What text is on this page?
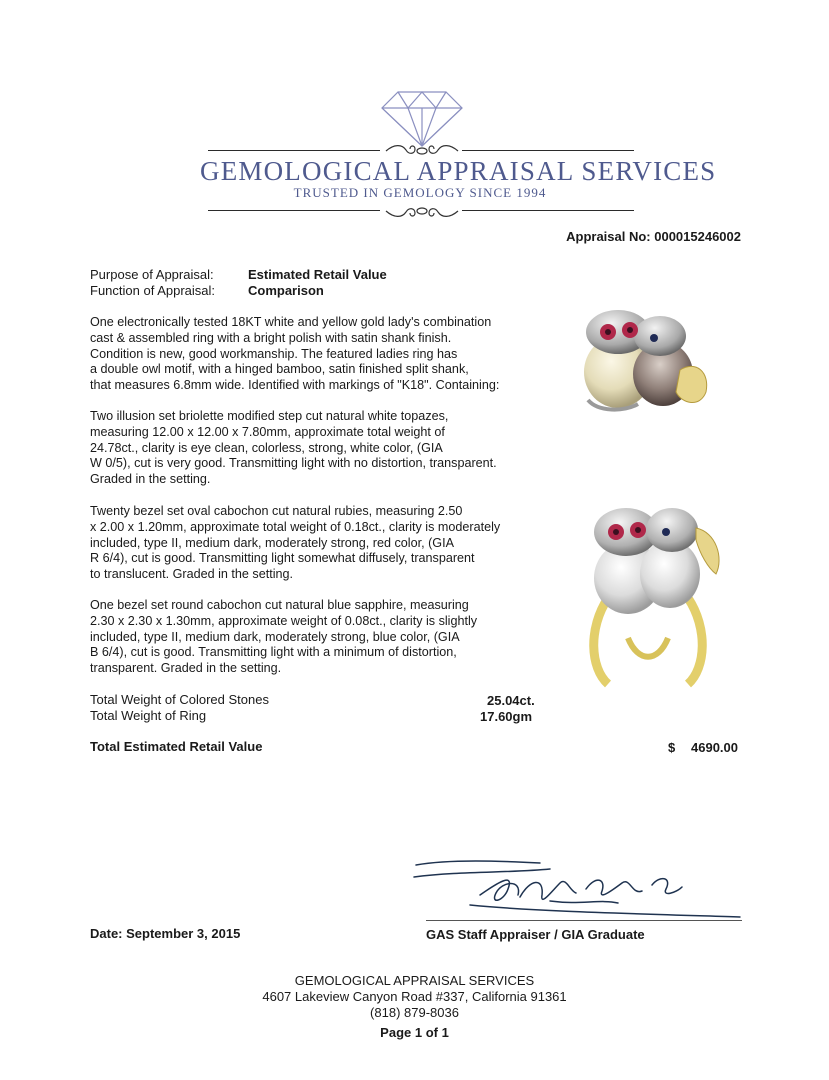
GEMOLOGICAL APPRAISAL SERVICES
TRUSTED IN GEMOLOGY SINCE 1994
Appraisal No: 000015246002
Purpose of Appraisal:	Estimated Retail Value
Function of Appraisal:	Comparison
One electronically tested 18KT white and yellow gold lady's combination
cast & assembled ring with a bright polish with satin shank finish.
Condition is new, good workmanship. The featured ladies ring has
a double owl motif, with a hinged bamboo, satin finished split shank,
that measures 6.8mm wide. Identified with markings of "K18". Containing:
Two illusion set briolette modified step cut natural white topazes,
measuring 12.00 x 12.00 x 7.80mm, approximate total weight of
24.78ct., clarity is eye clean, colorless, strong, white color, (GIA
W 0/5), cut is very good. Transmitting light with no distortion, transparent.
Graded in the setting.
Twenty bezel set oval cabochon cut natural rubies, measuring 2.50
x 2.00 x 1.20mm, approximate total weight of 0.18ct., clarity is moderately
included, type II, medium dark, moderately strong, red color, (GIA
R 6/4), cut is good. Transmitting light somewhat diffusely, transparent
to translucent. Graded in the setting.
One bezel set round cabochon cut natural blue sapphire, measuring
2.30 x 2.30 x 1.30mm, approximate weight of 0.08ct., clarity is slightly
included, type II, medium dark, moderately strong, blue color, (GIA
B 6/4), cut is good. Transmitting light with a minimum of distortion,
transparent. Graded in the setting.
Total Weight of Colored Stones	25.04ct.
Total Weight of Ring	17.60gm
Total Estimated Retail Value	$ 4690.00
Date: September 3, 2015	GAS Staff Appraiser / GIA Graduate
GEMOLOGICAL APPRAISAL SERVICES
4607 Lakeview Canyon Road #337, California 91361
(818) 879-8036
Page 1 of 1
